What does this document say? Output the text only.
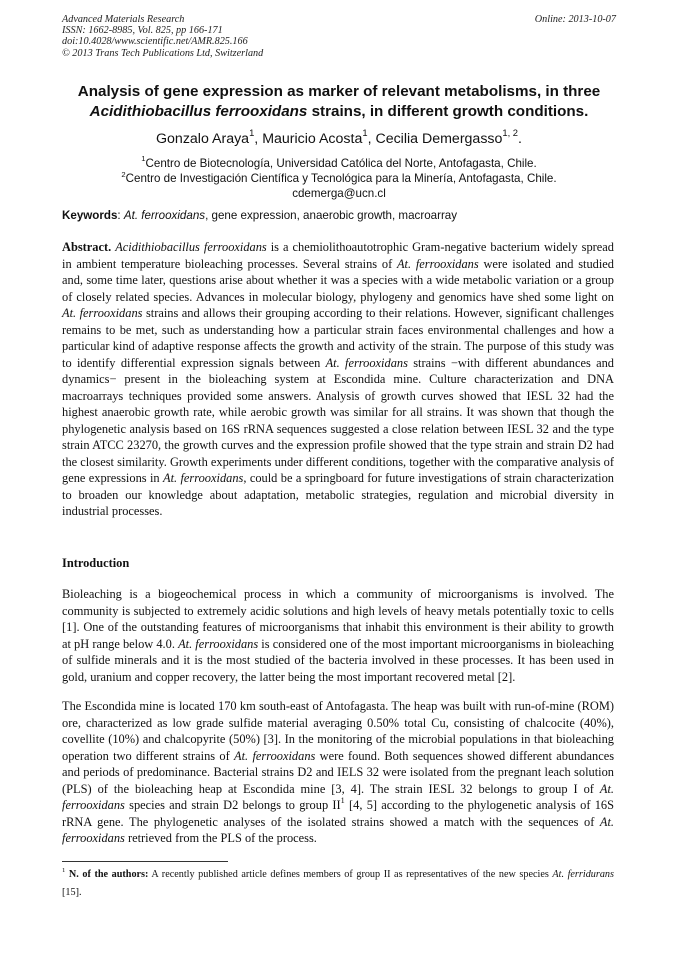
Advanced Materials Research
ISSN: 1662-8985, Vol. 825, pp 166-171
doi:10.4028/www.scientific.net/AMR.825.166
© 2013 Trans Tech Publications Ltd, Switzerland
Online: 2013-10-07
Analysis of gene expression as marker of relevant metabolisms, in three
Acidithiobacillus ferrooxidans strains, in different growth conditions.
Gonzalo Araya$^1$, Mauricio Acosta$^1$, Cecilia Demergasso$^{1, 2}$.
$^1$Centro de Biotecnología, Universidad Católica del Norte, Antofagasta, Chile.
$^2$Centro de Investigación Científica y Tecnológica para la Minería, Antofagasta, Chile.
cdemerga@ucn.cl
Keywords: At. ferrooxidans, gene expression, anaerobic growth, macroarray
Abstract. Acidithiobacillus ferrooxidans is a chemiolithoautotrophic Gram-negative bacterium widely spread in ambient temperature bioleaching processes. Several strains of At. ferrooxidans were isolated and studied and, some time later, questions arise about whether it was a species with a wide metabolic variation or a group of closely related species. Advances in molecular biology, phylogeny and genomics have shed some light on At. ferrooxidans strains and allows their grouping according to their relations. However, significant challenges remains to be met, such as understanding how a particular strain faces environmental challenges and how a particular kind of adaptive response affects the growth and activity of the strain. The purpose of this study was to identify differential expression signals between At. ferrooxidans strains −with different abundances and dynamics− present in the bioleaching system at Escondida mine. Culture characterization and DNA macroarrays techniques provided some answers. Analysis of growth curves showed that IESL 32 had the highest anaerobic growth rate, while aerobic growth was similar for all strains. It was shown that though the phylogenetic analysis based on 16S rRNA sequences suggested a close relation between IESL 32 and the type strain ATCC 23270, the growth curves and the expression profile showed that the type strain and strain D2 had the closest similarity. Growth experiments under different conditions, together with the comparative analysis of gene expressions in At. ferrooxidans, could be a springboard for future investigations of strain characterization to broaden our knowledge about adaptation, metabolic strategies, regulation and microbial diversity in industrial processes.
Introduction
Bioleaching is a biogeochemical process in which a community of microorganisms is involved. The community is subjected to extremely acidic solutions and high levels of heavy metals potentially toxic to cells [1]. One of the outstanding features of microorganisms that inhabit this environment is their ability to growth at pH range below 4.0. At. ferrooxidans is considered one of the most important microorganisms in bioleaching of sulfide minerals and it is the most studied of the bacteria involved in these processes. It has been used in gold, uranium and copper recovery, the latter being the most important recovered metal [2].
The Escondida mine is located 170 km south-east of Antofagasta. The heap was built with run-of-mine (ROM) ore, characterized as low grade sulfide material averaging 0.50% total Cu, consisting of chalcocite (40%), covellite (10%) and chalcopyrite (50%) [3]. In the monitoring of the microbial populations in that bioleaching operation two different strains of At. ferrooxidans were found. Both sequences showed different abundances and periods of predominance. Bacterial strains D2 and IELS 32 were isolated from the pregnant leach solution (PLS) of the bioleaching heap at Escondida mine [3, 4]. The strain IESL 32 belongs to group I of At. ferrooxidans species and strain D2 belongs to group $II^1$ [4, 5] according to the phylogenetic analysis of 16S rRNA gene. The phylogenetic analyses of the isolated strains showed a match with the sequences of At. ferrooxidans retrieved from the PLS of the process.
$^1$ N. of the authors: A recently published article defines members of group II as representatives of the new species At. ferridurans [15].
